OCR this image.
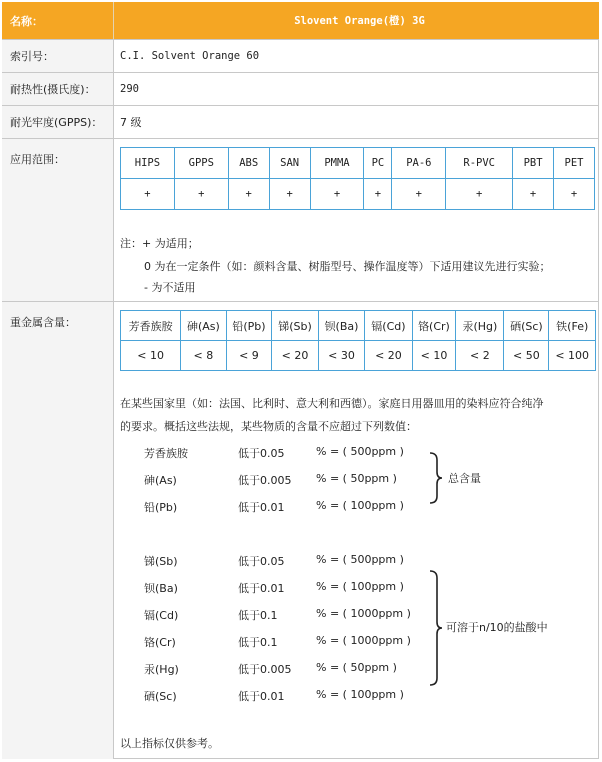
名称：	Slovent Orange(橙) 3G
索引号：	C.I. Solvent Orange 60
耐热性(摄氏度)：	290
耐光牢度(GPPS)：	7 级
应用范围：	HIPS	GPPS	ABS	SAN	PMMA	PC	PA-6	R-PVC	PBT	PET
+	+	+	+	+	+	+	+	+	+
注：+ 为适用；
0 为在一定条件（如：颜料含量、树脂型号、操作温度等）下适用建议先进行实验；
- 为不适用
重金属含量：	芳香族胺	砷(As)	铅(Pb)	锑(Sb)	钡(Ba)	镉(Cd)	铬(Cr)	汞(Hg)	硒(Sc)	铁(Fe)
< 10	< 8	< 9	< 20	< 30	< 20	< 10	< 2	< 50	< 100
在某些国家里（如：法国、比利时、意大利和西德）。家庭日用器皿用的染料应符合纯净
的要求。概括这些法规，某些物质的含量不应超过下列数值：
芳香族胺	低于0.05	% = ( 500ppm )
砷(As)	低于0.005 % = ( 50ppm )
铅(Pb)	低于0.01	% = ( 100ppm )
总含量
锑(Sb)	低于0.05	% = ( 500ppm )
钡(Ba)	低于0.01	% = ( 100ppm )
镉(Cd)	低于0.1	% = ( 1000ppm )
铬(Cr)	低于0.1	% = ( 1000ppm )
汞(Hg)	低于0.005 % = ( 50ppm )
硒(Sc)	低于0.01	% = ( 100ppm )
可溶于n/10的盐酸中
以上指标仅供参考。
